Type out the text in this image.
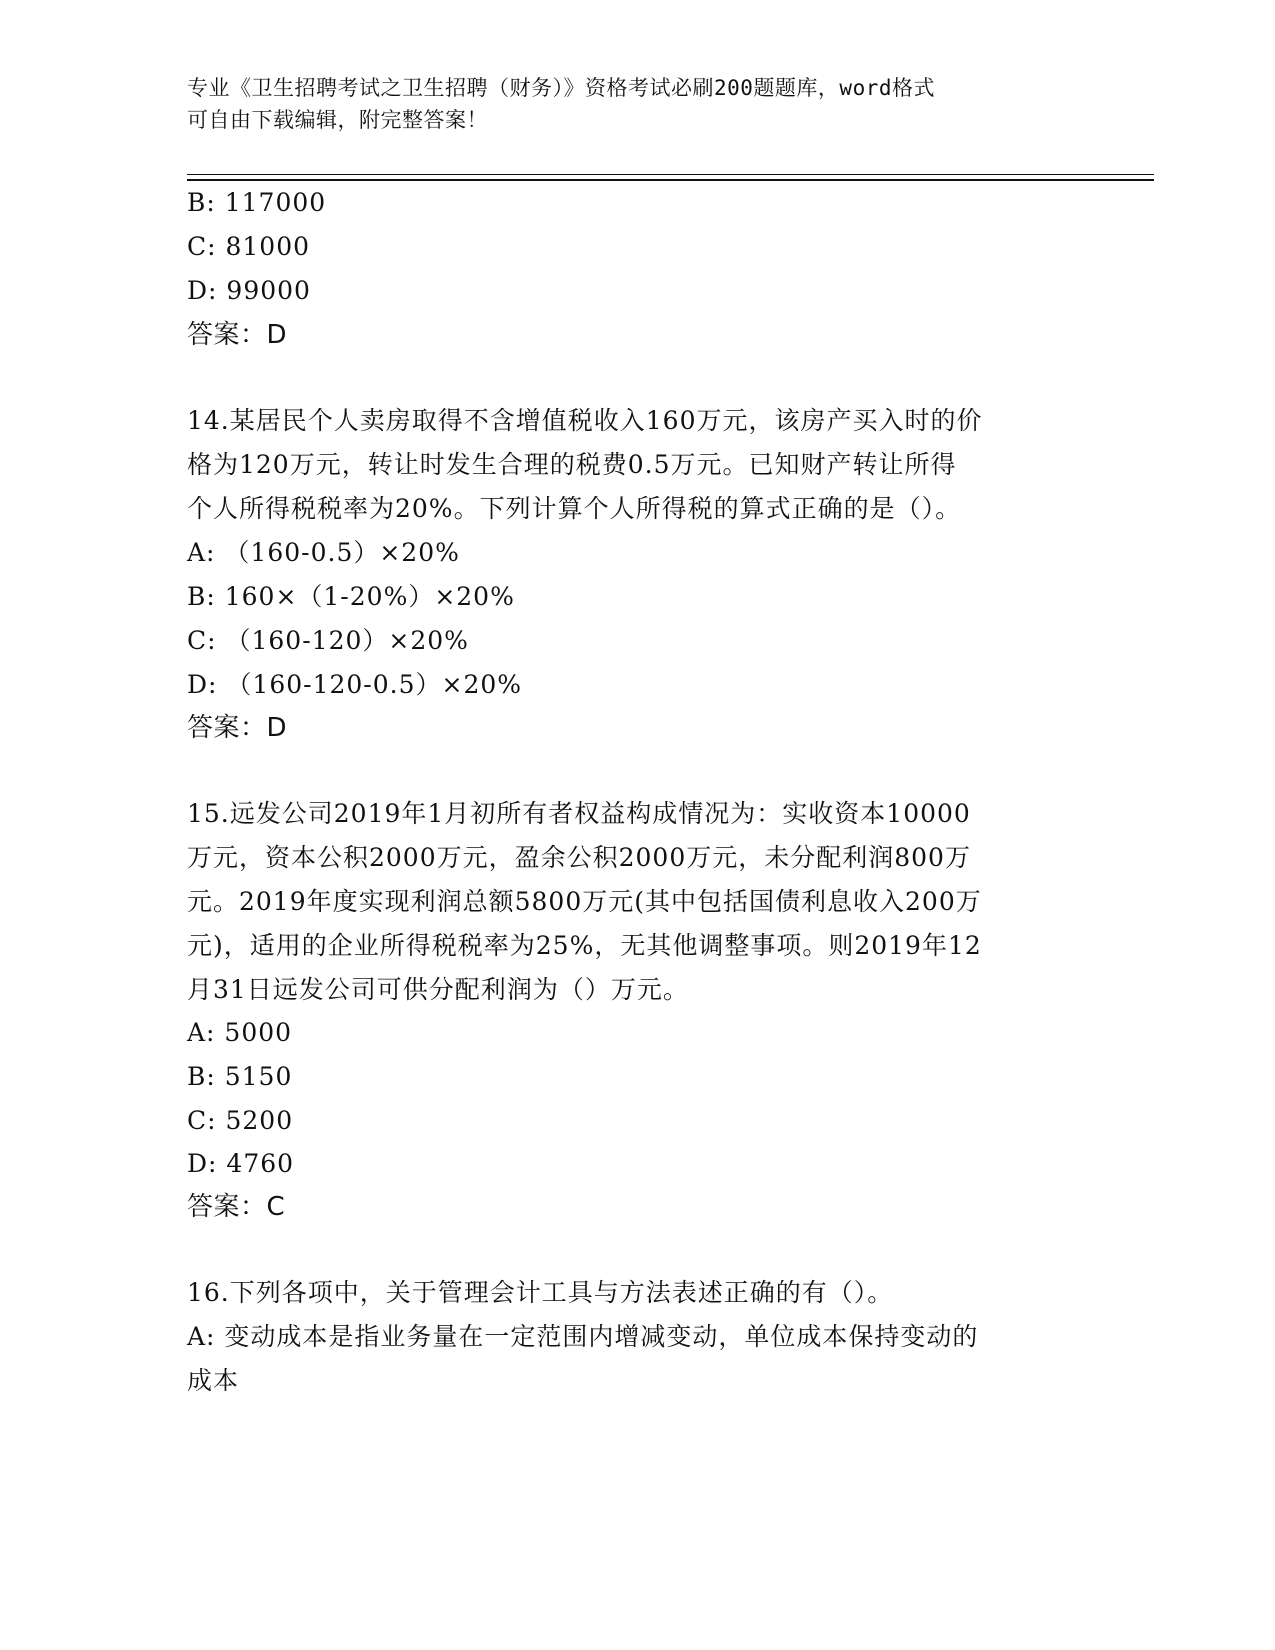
专业《卫生招聘考试之卫生招聘（财务）》资格考试必刷200题题库，word格式
可自由下载编辑，附完整答案！
B: 117000
C: 81000
D: 99000
答案：D
14.某居民个人卖房取得不含增值税收入160万元，该房产买入时的价
格为120万元，转让时发生合理的税费0.5万元。已知财产转让所得
个人所得税税率为20%。下列计算个人所得税的算式正确的是（）。
A: （160-0.5）×20%
B: 160×（1-20%）×20%
C: （160-120）×20%
D: （160-120-0.5）×20%
答案：D
15.远发公司2019年1月初所有者权益构成情况为：实收资本10000
万元，资本公积2000万元，盈余公积2000万元，未分配利润800万
元。2019年度实现利润总额5800万元(其中包括国债利息收入200万
元)，适用的企业所得税税率为25%，无其他调整事项。则2019年12
月31日远发公司可供分配利润为（）万元。
A: 5000
B: 5150
C: 5200
D: 4760
答案：C
16.下列各项中，关于管理会计工具与方法表述正确的有（）。
A: 变动成本是指业务量在一定范围内增减变动，单位成本保持变动的
成本
